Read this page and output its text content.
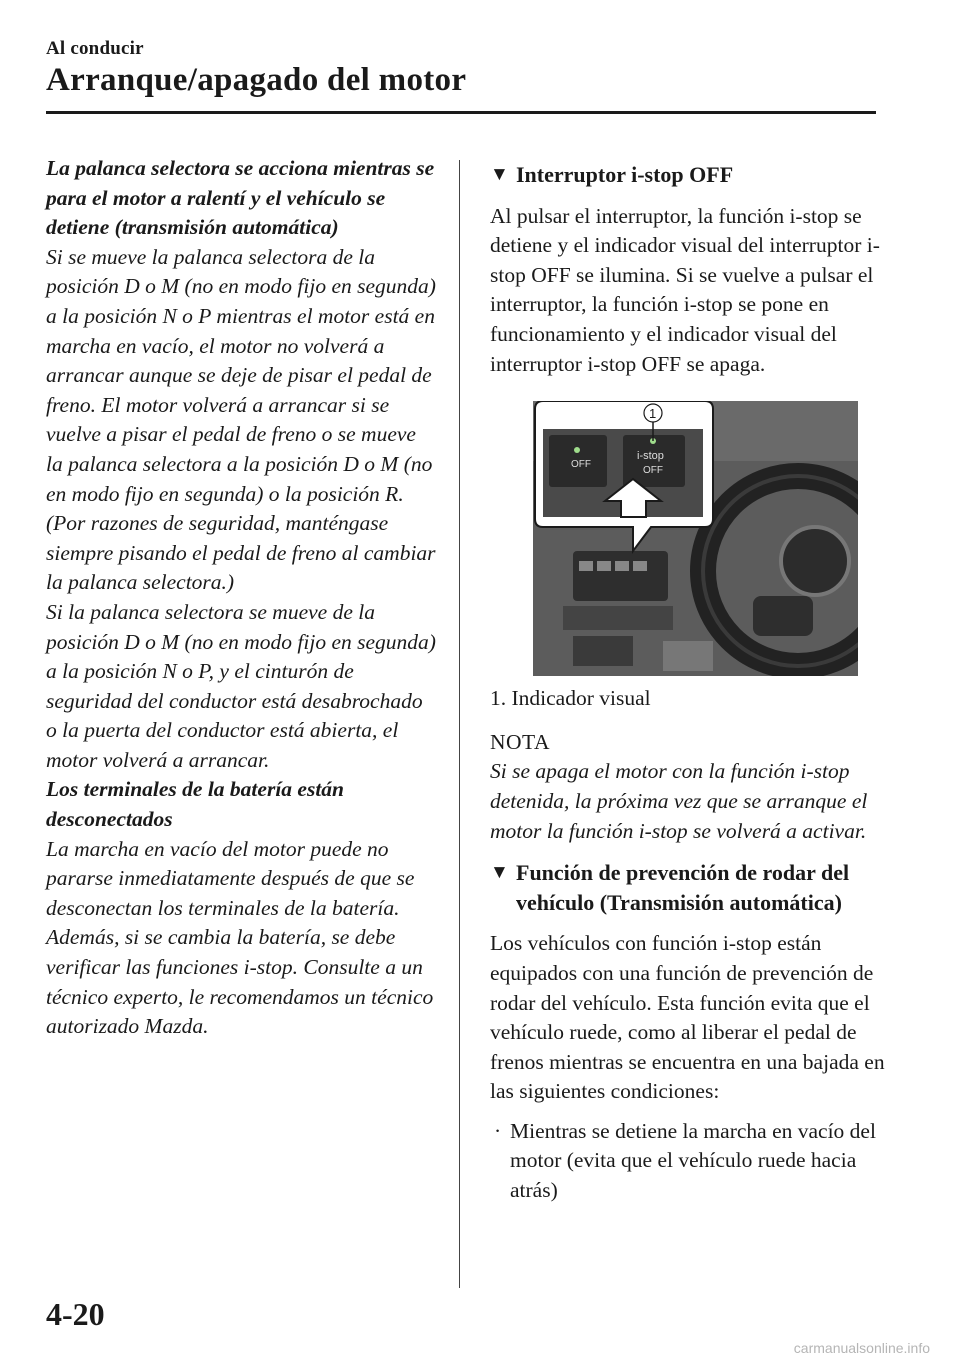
Al conducir
Arranque/apagado del motor

La palanca selectora se acciona mientras se para el motor a ralentí y el vehículo se detiene (transmisión automática)

Si se mueve la palanca selectora de la posición D o M (no en modo fijo en segunda) a la posición N o P mientras el motor está en marcha en vacío, el motor no volverá a arrancar aunque se deje de pisar el pedal de freno. El motor volverá a arrancar si se vuelve a pisar el pedal de freno o se mueve la palanca selectora a la posición D o M (no en modo fijo en segunda) o la posición R. (Por razones de seguridad, manténgase siempre pisando el pedal de freno al cambiar la palanca selectora.)

Si la palanca selectora se mueve de la posición D o M (no en modo fijo en segunda) a la posición N o P, y el cinturón de seguridad del conductor está desabrochado o la puerta del conductor está abierta, el motor volverá a arrancar.

Los terminales de la batería están desconectados

La marcha en vacío del motor puede no pararse inmediatamente después de que se desconectan los terminales de la batería. Además, si se cambia la batería, se debe verificar las funciones i-stop. Consulte a un técnico experto, le recomendamos un técnico autorizado Mazda.

▼ Interruptor i-stop OFF

Al pulsar el interruptor, la función i-stop se detiene y el indicador visual del interruptor i-stop OFF se ilumina. Si se vuelve a pulsar el interruptor, la función i-stop se pone en funcionamiento y el indicador visual del interruptor i-stop OFF se apaga.

OFF
i-stop
OFF
1

1. Indicador visual

NOTA

Si se apaga el motor con la función i-stop detenida, la próxima vez que se arranque el motor la función i-stop se volverá a activar.

▼ Función de prevención de rodar del vehículo (Transmisión automática)

Los vehículos con función i-stop están equipados con una función de prevención de rodar del vehículo. Esta función evita que el vehículo ruede, como al liberar el pedal de frenos mientras se encuentra en una bajada en las siguientes condiciones:

· Mientras se detiene la marcha en vacío del motor (evita que el vehículo ruede hacia atrás)

4-20
carmanualsonline.info
